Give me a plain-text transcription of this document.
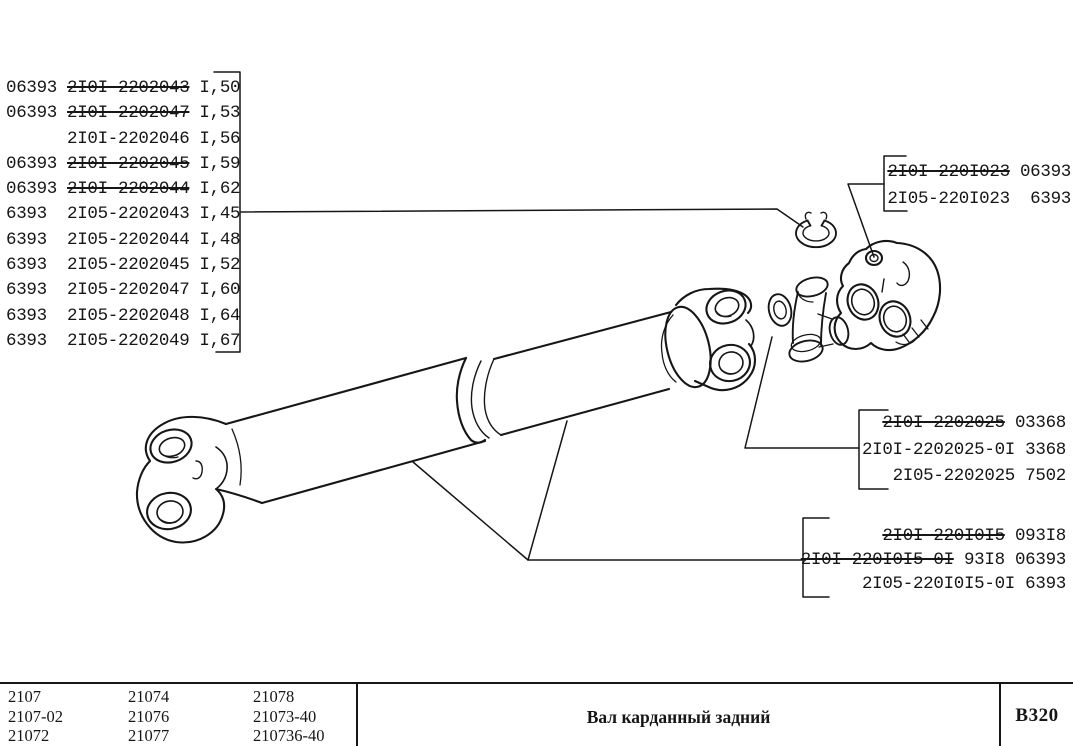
06393 2I0I-2202043 I,50
06393 2I0I-2202047 I,53
2I0I-2202046 I,56
06393 2I0I-2202045 I,59
06393 2I0I-2202044 I,62
6393 2I05-2202043 I,45
6393 2I05-2202044 I,48
6393 2I05-2202045 I,52
6393 2I05-2202047 I,60
6393 2I05-2202048 I,64
6393 2I05-2202049 I,67
2I0I-220I023 06393
2I05-220I023  6393
2I0I-2202025 03368
2I0I-2202025-0I 3368
2I05-2202025 7502
2I0I-220I0I5 093I8
2I0I-220I0I5-0I 93I8 06393
2I05-220I0I5-0I 6393
2107
2107-02
21072
21074
21076
21077
21078
21073-40
210736-40
Вал карданный задний	В320
